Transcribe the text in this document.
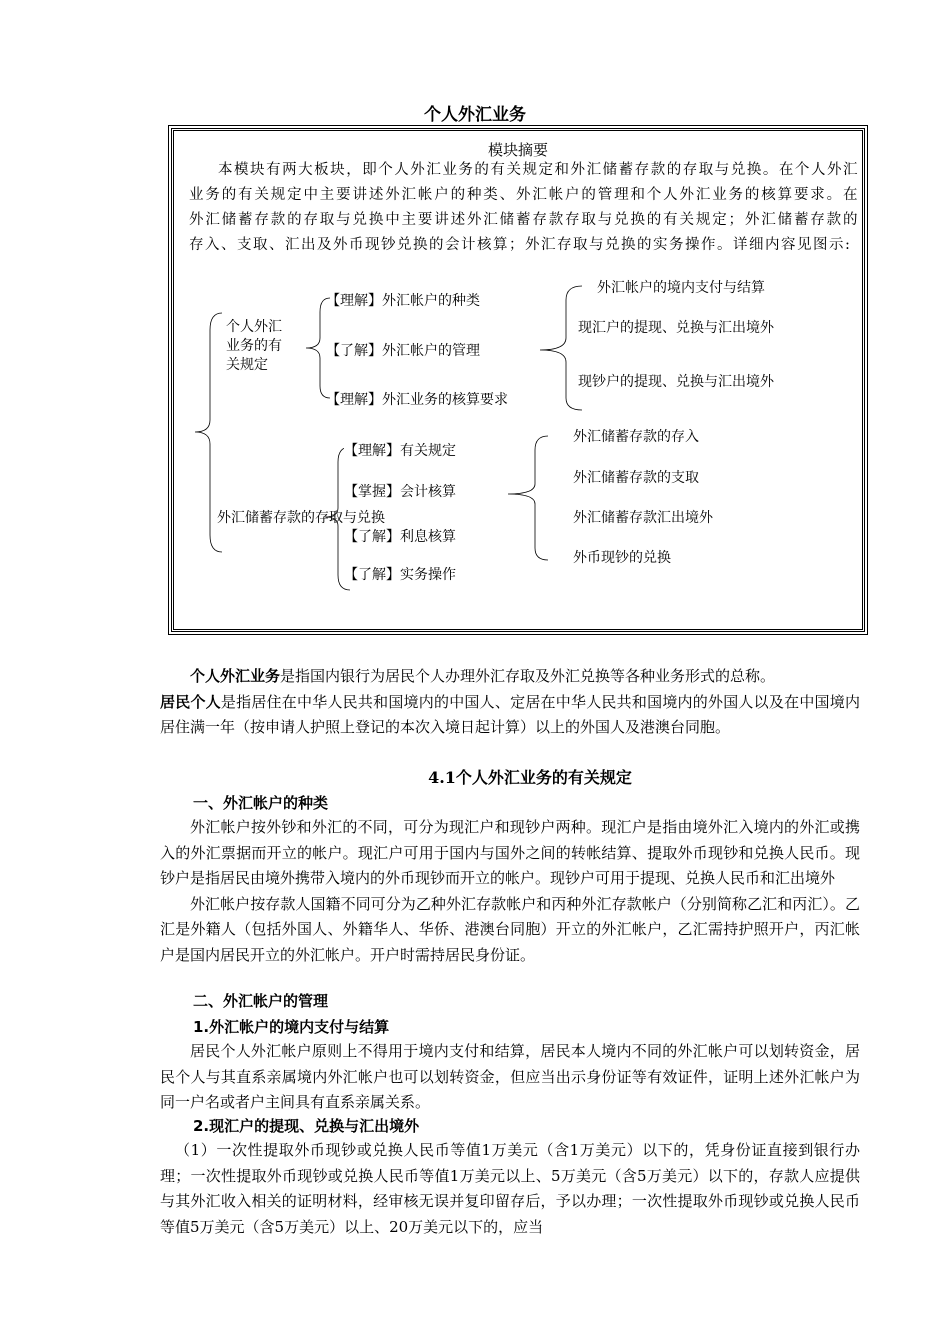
个人外汇业务
模块摘要

本模块有两大板块，即个人外汇业务的有关规定和外汇储蓄存款的存取与兑换。在个人外汇业务的有关规定中主要讲述外汇帐户的种类、外汇帐户的管理和个人外汇业务的核算要求。在外汇储蓄存款的存取与兑换中主要讲述外汇储蓄存款存取与兑换的有关规定；外汇储蓄存款的存入、支取、汇出及外币现钞兑换的会计核算；外汇存取与兑换的实务操作。详细内容见图示:

个人外汇
业务的有
关规定
【理解】外汇帐户的种类
【了解】外汇帐户的管理
【理解】外汇业务的核算要求
外汇帐户的境内支付与结算
现汇户的提现、兑换与汇出境外
现钞户的提现、兑换与汇出境外
外汇储蓄存款的存取与兑换
【理解】有关规定
【掌握】会计核算
【了解】利息核算
【了解】实务操作
外汇储蓄存款的存入
外汇储蓄存款的支取
外汇储蓄存款汇出境外
外币现钞的兑换

个人外汇业务是指国内银行为居民个人办理外汇存取及外汇兑换等各种业务形式的总称。

居民个人是指居住在中华人民共和国境内的中国人、定居在中华人民共和国境内的外国人以及在中国境内居住满一年（按申请人护照上登记的本次入境日起计算）以上的外国人及港澳台同胞。

4.1个人外汇业务的有关规定
一、外汇帐户的种类

外汇帐户按外钞和外汇的不同，可分为现汇户和现钞户两种。现汇户是指由境外汇入境内的外汇或携入的外汇票据而开立的帐户。现汇户可用于国内与国外之间的转帐结算、提取外币现钞和兑换人民币。现钞户是指居民由境外携带入境内的外币现钞而开立的帐户。现钞户可用于提现、兑换人民币和汇出境外

外汇帐户按存款人国籍不同可分为乙种外汇存款帐户和丙种外汇存款帐户（分别简称乙汇和丙汇）。乙汇是外籍人（包括外国人、外籍华人、华侨、港澳台同胞）开立的外汇帐户，乙汇需持护照开户，丙汇帐户是国内居民开立的外汇帐户。开户时需持居民身份证。

二、外汇帐户的管理
1.外汇帐户的境内支付与结算

居民个人外汇帐户原则上不得用于境内支付和结算，居民本人境内不同的外汇帐户可以划转资金，居民个人与其直系亲属境内外汇帐户也可以划转资金，但应当出示身份证等有效证件，证明上述外汇帐户为同一户名或者户主间具有直系亲属关系。

2.现汇户的提现、兑换与汇出境外

（1）一次性提取外币现钞或兑换人民币等值1万美元（含1万美元）以下的，凭身份证直接到银行办理；一次性提取外币现钞或兑换人民币等值1万美元以上、5万美元（含5万美元）以下的，存款人应提供与其外汇收入相关的证明材料，经审核无误并复印留存后，予以办理；一次性提取外币现钞或兑换人民币等值5万美元（含5万美元）以上、20万美元以下的，应当
